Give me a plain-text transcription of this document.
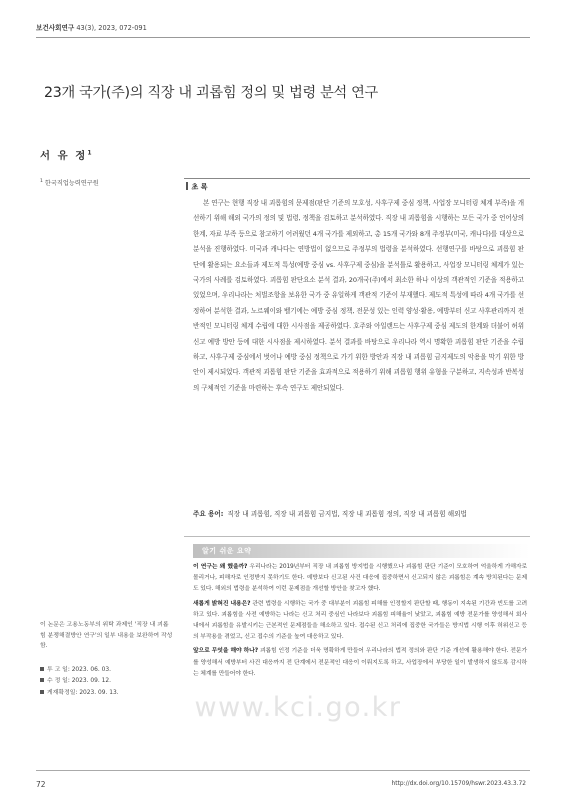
보건사회연구 43(3), 2023, 072-091
23개 국가(주)의 직장 내 괴롭힘 정의 및 법령 분석 연구
서 유 정$^1$
$^1$ 한국직업능력연구원	초 록
본 연구는 현행 직장 내 괴롭힘의 문제점(판단 기준의 모호성, 사후구제 중심 정책, 사업장 모니터링 체계 부족)을 개선하기 위해 해외 국가의 정의 및 법령, 정책을 검토하고 분석하였다. 직장 내 괴롭힘을 시행하는 모든 국가 중 언어상의 한계, 자료 부족 등으로 참고하기 어려웠던 4개 국가를 제외하고, 총 15개 국가와 8개 주정부(미국, 캐나다)를 대상으로 분석을 진행하였다. 미국과 캐나다는 연방법이 없으므로 주정부의 법령을 분석하였다. 선행연구를 바탕으로 괴롭힘 판단에 활용되는 요소들과 제도적 특성(예방 중심 vs. 사후구제 중심)을 분석틀로 활용하고, 사업장 모니터링 체계가 있는 국가의 사례를 검토하였다. 괴롭힘 판단요소 분석 결과, 20개국(주)에서 최소한 하나 이상의 객관적인 기준을 적용하고 있었으며, 우리나라는 처벌조항을 보유한 국가 중 유일하게 객관적 기준이 부재했다. 제도적 특성에 따라 4개 국가를 선정하여 분석한 결과, 노르웨이와 벨기에는 예방 중심 정책, 전문성 있는 인력 양성·활용, 예방부터 신고 사후관리까지 전반적인 모니터링 체계 수립에 대한 시사점을 제공하였다. 호주와 아일랜드는 사후구제 중심 제도의 한계와 더불어 허위신고 예방 방안 등에 대한 시사점을 제시하였다. 분석 결과를 바탕으로 우리나라 역시 명확한 괴롭힘 판단 기준을 수립하고, 사후구제 중심에서 벗어나 예방 중심 정책으로 가기 위한 방안과 직장 내 괴롭힘 금지제도의 악용을 막기 위한 방안이 제시되었다. 객관적 괴롭힘 판단 기준을 효과적으로 적용하기 위해 괴롭힘 행위 유형을 구분하고, 지속성과 반복성의 구체적인 기준을 마련하는 후속 연구도 제안되었다.
주요 용어: 직장 내 괴롭힘, 직장 내 괴롭힘 금지법, 직장 내 괴롭힘 정의, 직장 내 괴롭힘 해외법
알기 쉬운 요약

이 연구는 왜 했을까? 우리나라는 2019년부터 직장 내 괴롭힘 방지법을 시행했으나 괴롭힘 판단 기준이 모호하여 억울하게 가해자로 몰리거나, 피해자로 인정받지 못하기도 한다. 예방보다 신고된 사건 대응에 집중하면서 신고되지 않은 괴롭힘은 계속 방치된다는 문제도 있다. 해외의 법령을 분석하여 이런 문제점을 개선할 방안을 찾고자 했다.

새롭게 밝혀진 내용은? 관련 법령을 시행하는 국가 중 대부분이 괴롭힘 피해를 인정할지 판단할 때, 행동이 지속된 기간과 빈도를 고려하고 있다. 괴롭힘을 사전 예방하는 나라는 신고 처리 중심인 나라보다 괴롭힘 피해율이 낮았고, 괴롭힘 예방 전문가를 양성해서 회사 내에서 괴롭힘을 유발시키는 근본적인 문제점들을 해소하고 있다. 접수된 신고 처리에 집중한 국가들은 방지법 시행 이후 허위신고 등의 부작용을 겪었고, 신고 접수의 기준을 높여 대응하고 있다.

앞으로 무엇을 해야 하나? 괴롭힘 인정 기준을 더욱 명확하게 만들어 우리나라의 법적 정의와 판단 기준 개선에 활용해야 한다. 전문가를 양성해서 예방부터 사건 대응까지 전 단계에서 전문적인 대응이 이뤄지도록 하고, 사업장에서 부당한 일이 발생하지 않도록 감시하는 체계를 만들어야 한다.

이 논문은 고용노동부의 위탁 과제인 '직장 내 괴롭힘 분쟁해결방안 연구'의 일부 내용을 보완하여 작성함.
투 고 일: 2023. 06. 03.
수 정 일: 2023. 09. 12.
게재확정일: 2023. 09. 13.	www.kci.go.kr
72	http://dx.doi.org/10.15709/hswr.2023.43.3.72
